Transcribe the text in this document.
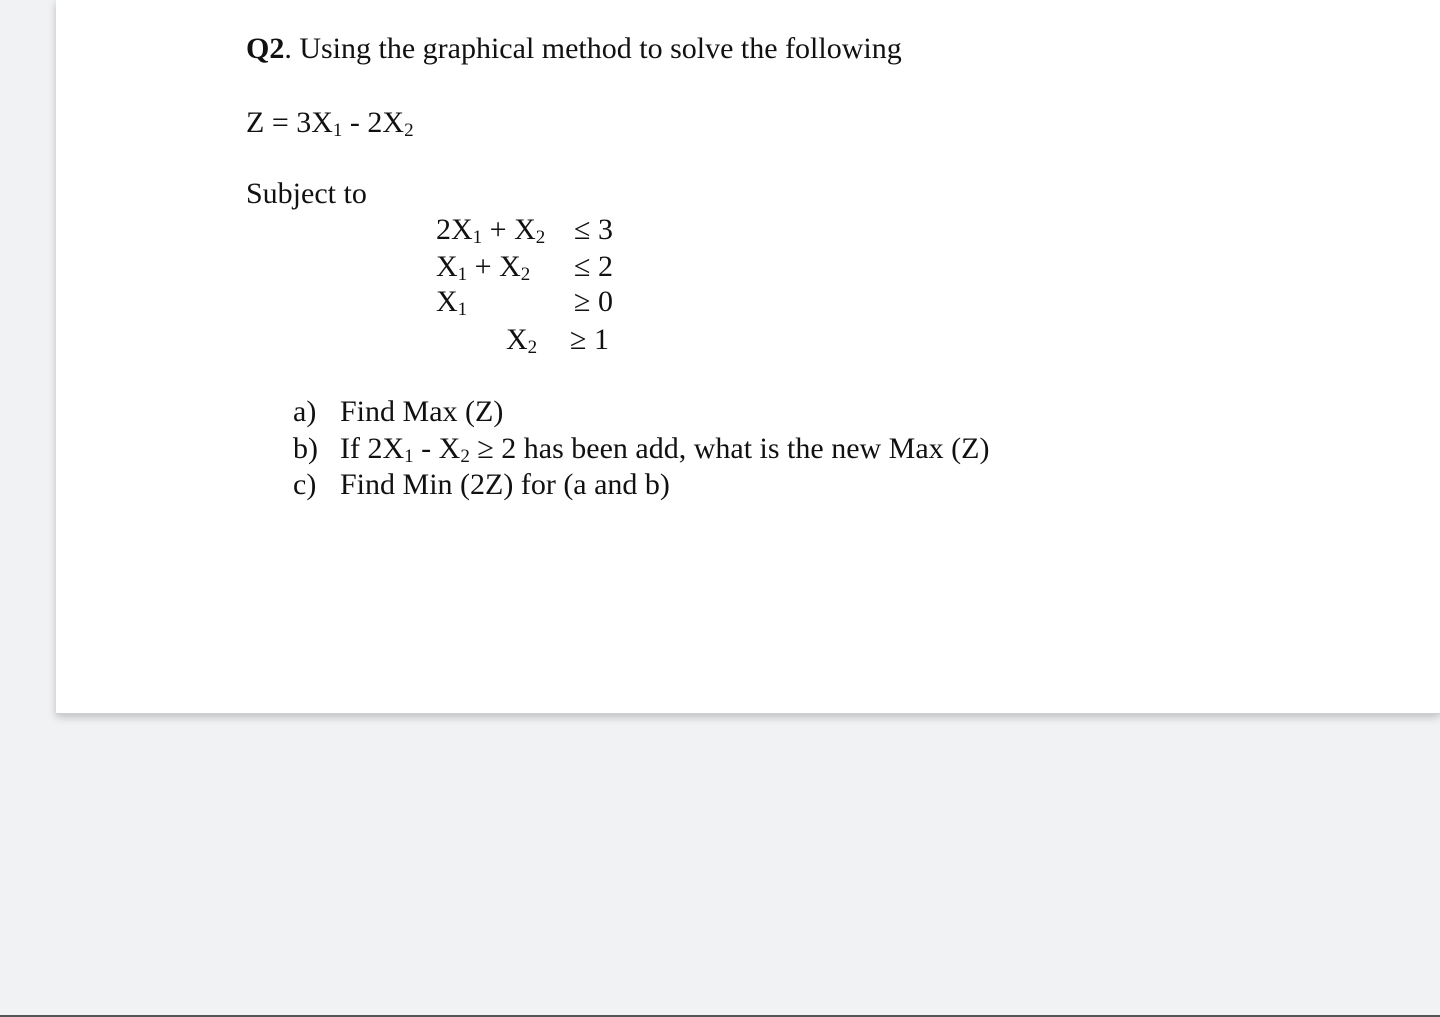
Q2. Using the graphical method to solve the following
$Z = 3X_1 - 2X_2$
Subject to
$2X_1 + X_2 \le 3$
$X_1 + X_2 \le 2$
$X_1$	≥ 0
$X_2 \ge 1$
a) Find Max (Z)
b) If $2X_1 - X_2 \ge 2$ has been add, what is the new Max (Z)
c) Find Min (2Z) for (a and b)
